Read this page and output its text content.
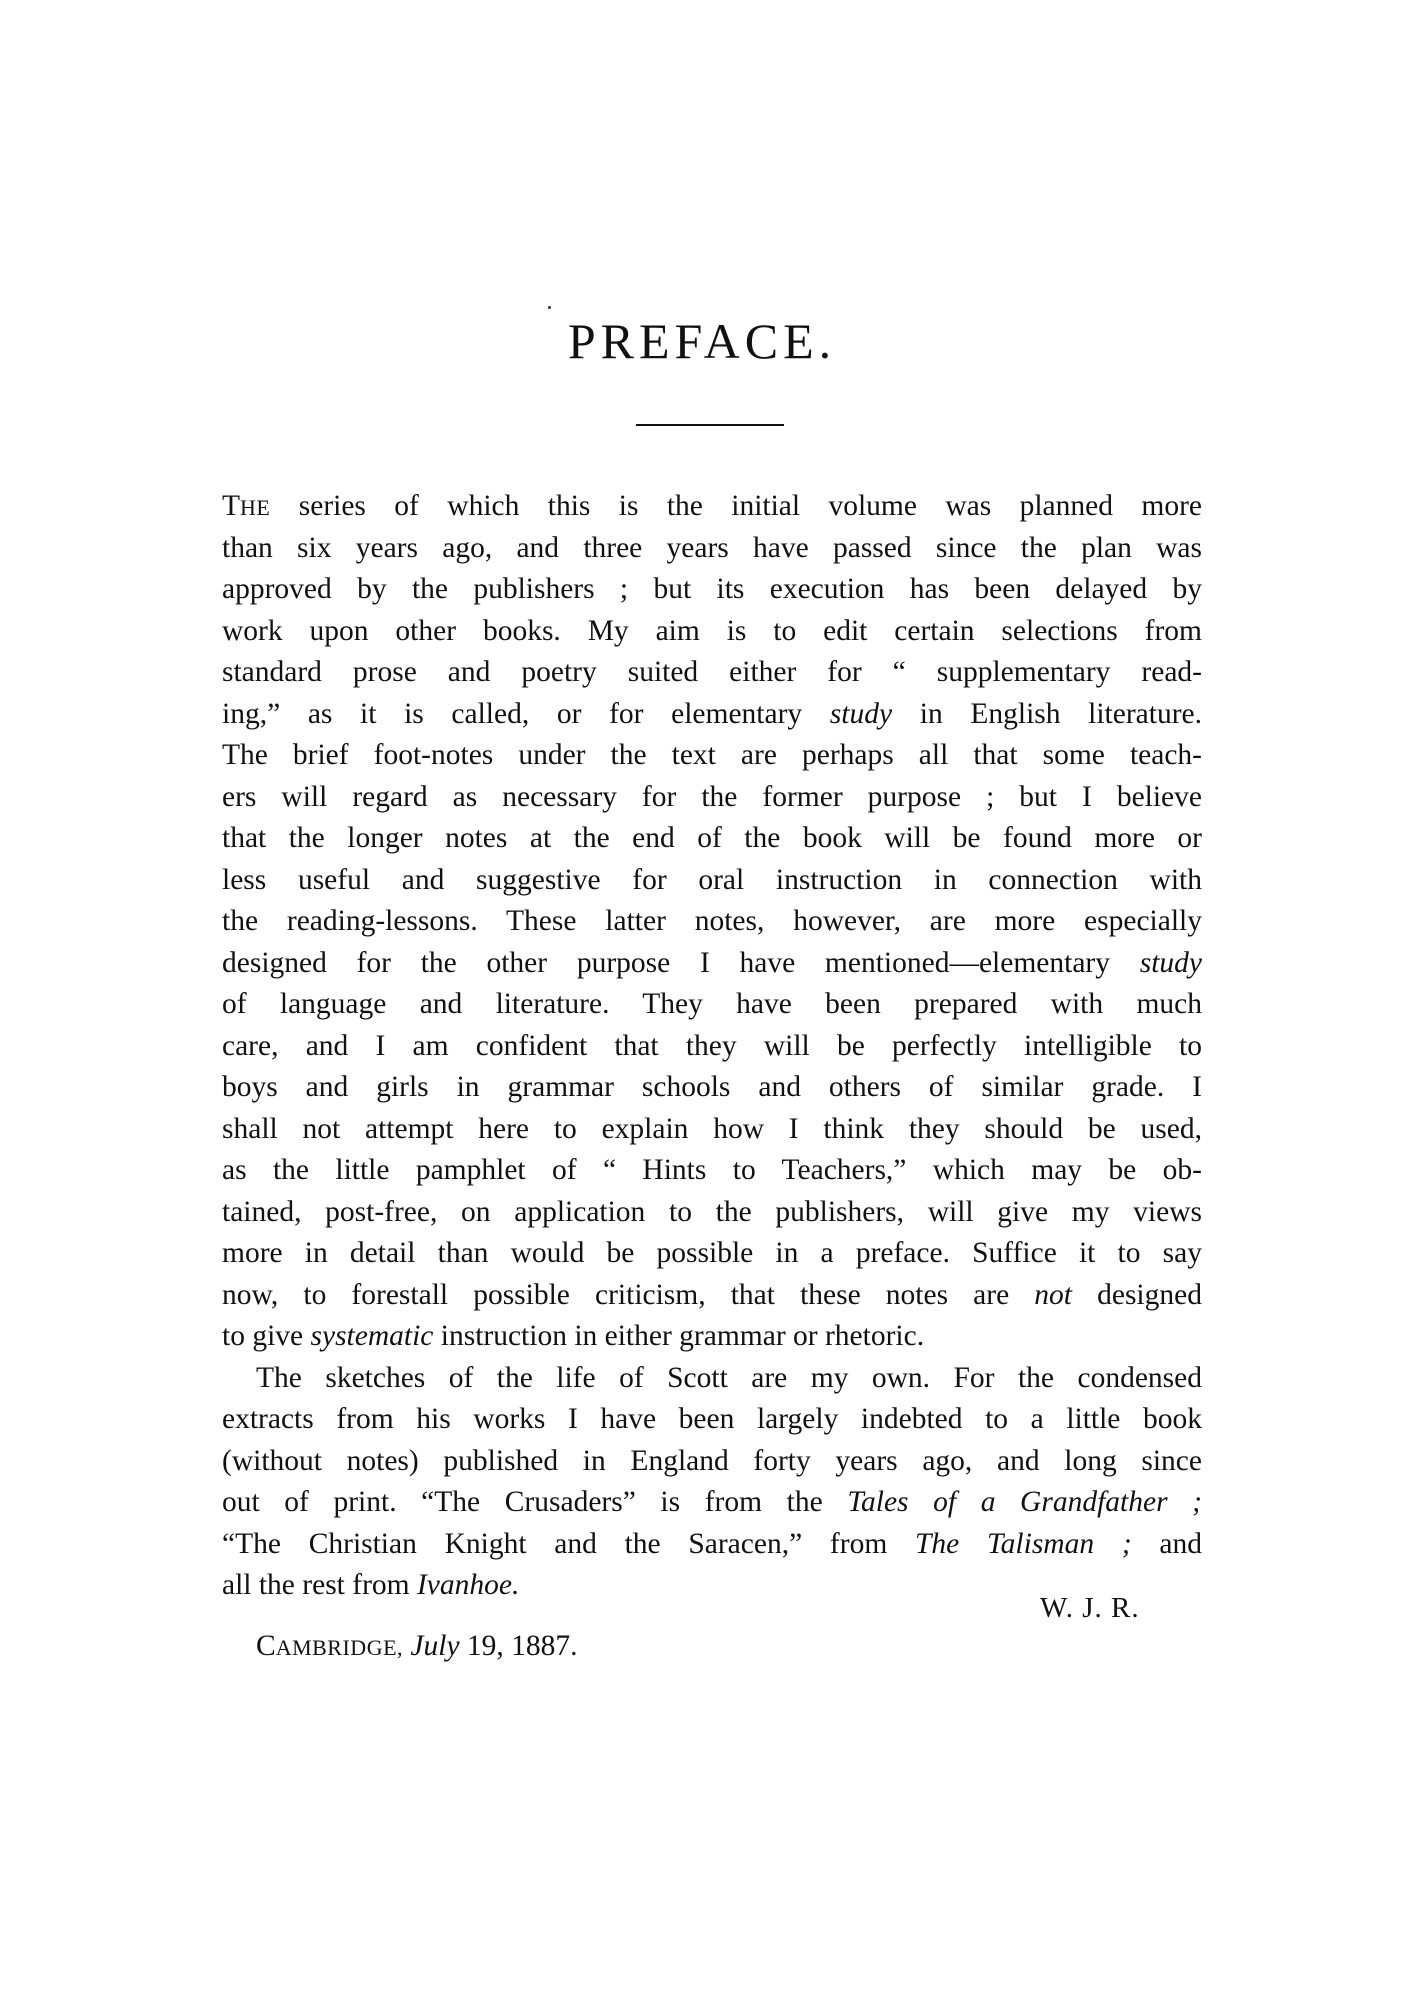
PREFACE.
THE series of which this is the initial volume was planned more
than six years ago, and three years have passed since the plan was
approved by the publishers ; but its execution has been delayed by
work upon other books. My aim is to edit certain selections from
standard prose and poetry suited either for “ supplementary read-
ing,” as it is called, or for elementary study in English literature.
The brief foot-notes under the text are perhaps all that some teach-
ers will regard as necessary for the former purpose ; but I believe
that the longer notes at the end of the book will be found more or
less useful and suggestive for oral instruction in connection with
the reading-lessons. These latter notes, however, are more especially
designed for the other purpose I have mentioned—elementary study
of language and literature. They have been prepared with much
care, and I am confident that they will be perfectly intelligible to
boys and girls in grammar schools and others of similar grade. I
shall not attempt here to explain how I think they should be used,
as the little pamphlet of “ Hints to Teachers,” which may be ob-
tained, post-free, on application to the publishers, will give my views
more in detail than would be possible in a preface. Suffice it to say
now, to forestall possible criticism, that these notes are not designed
to give systematic instruction in either grammar or rhetoric.
The sketches of the life of Scott are my own. For the condensed
extracts from his works I have been largely indebted to a little book
(without notes) published in England forty years ago, and long since
out of print. “The Crusaders” is from the Tales of a Grandfather ;
“The Christian Knight and the Saracen,” from The Talisman ; and
all the rest from Ivanhoe.
W. J. R.
CAMBRIDGE, July 19, 1887.
